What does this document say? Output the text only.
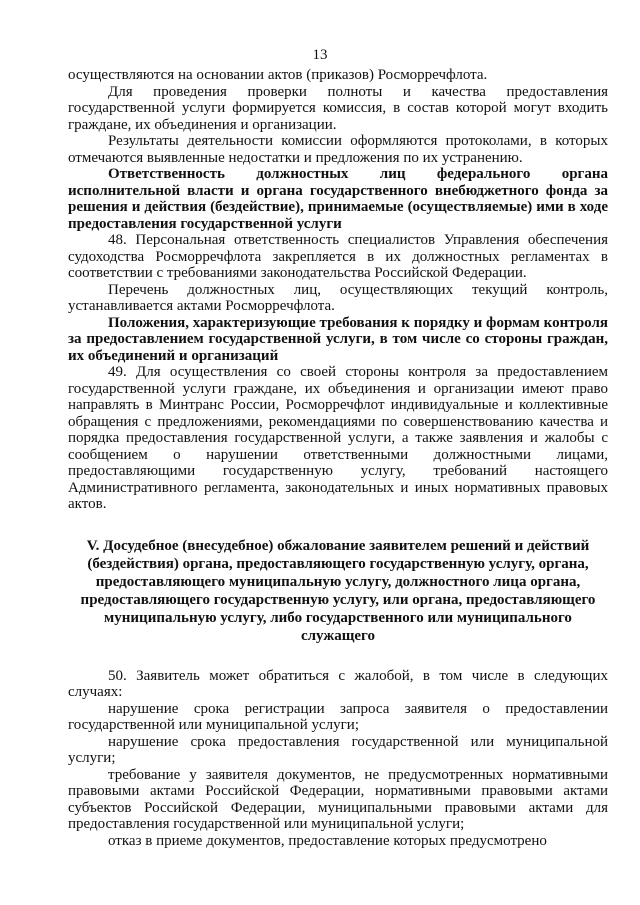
13

осуществляются на основании актов (приказов) Росморречфлота.

Для проведения проверки полноты и качества предоставления государственной услуги формируется комиссия, в состав которой могут входить граждане, их объединения и организации.

Результаты деятельности комиссии оформляются протоколами, в которых отмечаются выявленные недостатки и предложения по их устранению.

Ответственность должностных лиц федерального органа исполнительной власти и органа государственного внебюджетного фонда за решения и действия (бездействие), принимаемые (осуществляемые) ими в ходе предоставления государственной услуги

48. Персональная ответственность специалистов Управления обеспечения судоходства Росморречфлота закрепляется в их должностных регламентах в соответствии с требованиями законодательства Российской Федерации.

Перечень должностных лиц, осуществляющих текущий контроль, устанавливается актами Росморречфлота.

Положения, характеризующие требования к порядку и формам контроля за предоставлением государственной услуги, в том числе со стороны граждан, их объединений и организаций

49. Для осуществления со своей стороны контроля за предоставлением государственной услуги граждане, их объединения и организации имеют право направлять в Минтранс России, Росморречфлот индивидуальные и коллективные обращения с предложениями, рекомендациями по совершенствованию качества и порядка предоставления государственной услуги, а также заявления и жалобы с сообщением о нарушении ответственными должностными лицами, предоставляющими государственную услугу, требований настоящего Административного регламента, законодательных и иных нормативных правовых актов.

V. Досудебное (внесудебное) обжалование заявителем решений и действий (бездействия) органа, предоставляющего государственную услугу, органа, предоставляющего муниципальную услугу, должностного лица органа, предоставляющего государственную услугу, или органа, предоставляющего муниципальную услугу, либо государственного или муниципального служащего

50. Заявитель может обратиться с жалобой, в том числе в следующих случаях:

нарушение срока регистрации запроса заявителя о предоставлении государственной или муниципальной услуги;

нарушение срока предоставления государственной или муниципальной услуги;

требование у заявителя документов, не предусмотренных нормативными правовыми актами Российской Федерации, нормативными правовыми актами субъектов Российской Федерации, муниципальными правовыми актами для предоставления государственной или муниципальной услуги;

отказ в приеме документов, предоставление которых предусмотрено
